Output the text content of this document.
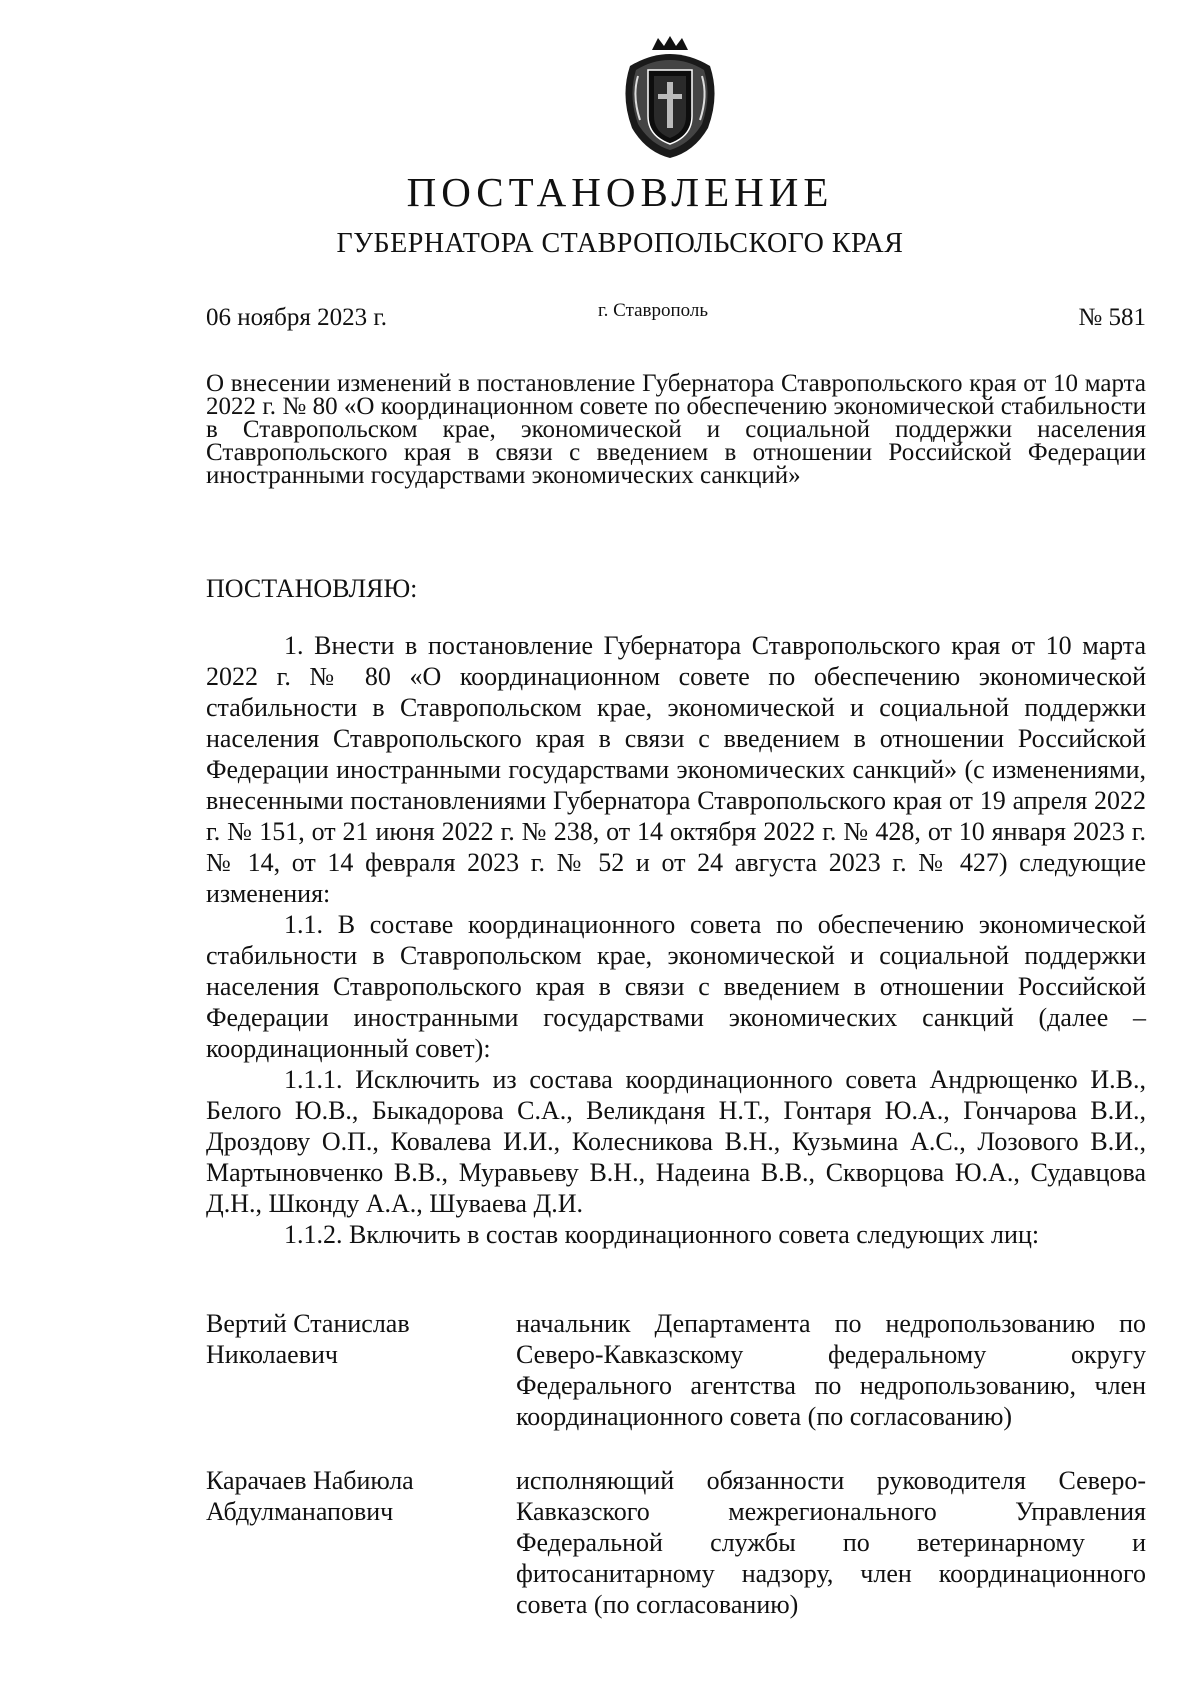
ПОСТАНОВЛЕНИЕ
ГУБЕРНАТОРА СТАВРОПОЛЬСКОГО КРАЯ
06 ноября 2023 г.	г. Ставрополь	№ 581
О внесении изменений в постановление Губернатора Ставропольского края от 10 марта 2022 г. № 80 «О координационном совете по обеспечению экономической стабильности в Ставропольском крае, экономической и социальной поддержки населения Ставропольского края в связи с введением в отношении Российской Федерации иностранными государствами экономических санкций»
ПОСТАНОВЛЯЮ:

1. Внести в постановление Губернатора Ставропольского края от 10 марта 2022 г. № 80 «О координационном совете по обеспечению экономической стабильности в Ставропольском крае, экономической и социальной поддержки населения Ставропольского края в связи с введением в отношении Российской Федерации иностранными государствами экономических санкций» (с изменениями, внесенными постановлениями Губернатора Ставропольского края от 19 апреля 2022 г. № 151, от 21 июня 2022 г. № 238, от 14 октября 2022 г. № 428, от 10 января 2023 г. № 14, от 14 февраля 2023 г. № 52 и от 24 августа 2023 г. № 427) следующие изменения:

1.1. В составе координационного совета по обеспечению экономической стабильности в Ставропольском крае, экономической и социальной поддержки населения Ставропольского края в связи с введением в отношении Российской Федерации иностранными государствами экономических санкций (далее – координационный совет):

1.1.1. Исключить из состава координационного совета Андрющенко И.В., Белого Ю.В., Быкадорова С.А., Великданя Н.Т., Гонтаря Ю.А., Гончарова В.И., Дроздову О.П., Ковалева И.И., Колесникова В.Н., Кузьмина А.С., Лозового В.И., Мартыновченко В.В., Муравьеву В.Н., Надеина В.В., Скворцова Ю.А., Судавцова Д.Н., Шконду А.А., Шуваева Д.И.

1.1.2. Включить в состав координационного совета следующих лиц:

Вертий Станислав Николаевич
начальник Департамента по недропользованию по Северо-Кавказскому федеральному округу Федерального агентства по недропользованию, член координационного совета (по согласованию)
Карачаев Набиюла Абдулманапович
исполняющий обязанности руководителя Северо-Кавказского межрегионального Управления Федеральной службы по ветеринарному и фитосанитарному надзору, член координационного совета (по согласованию)
